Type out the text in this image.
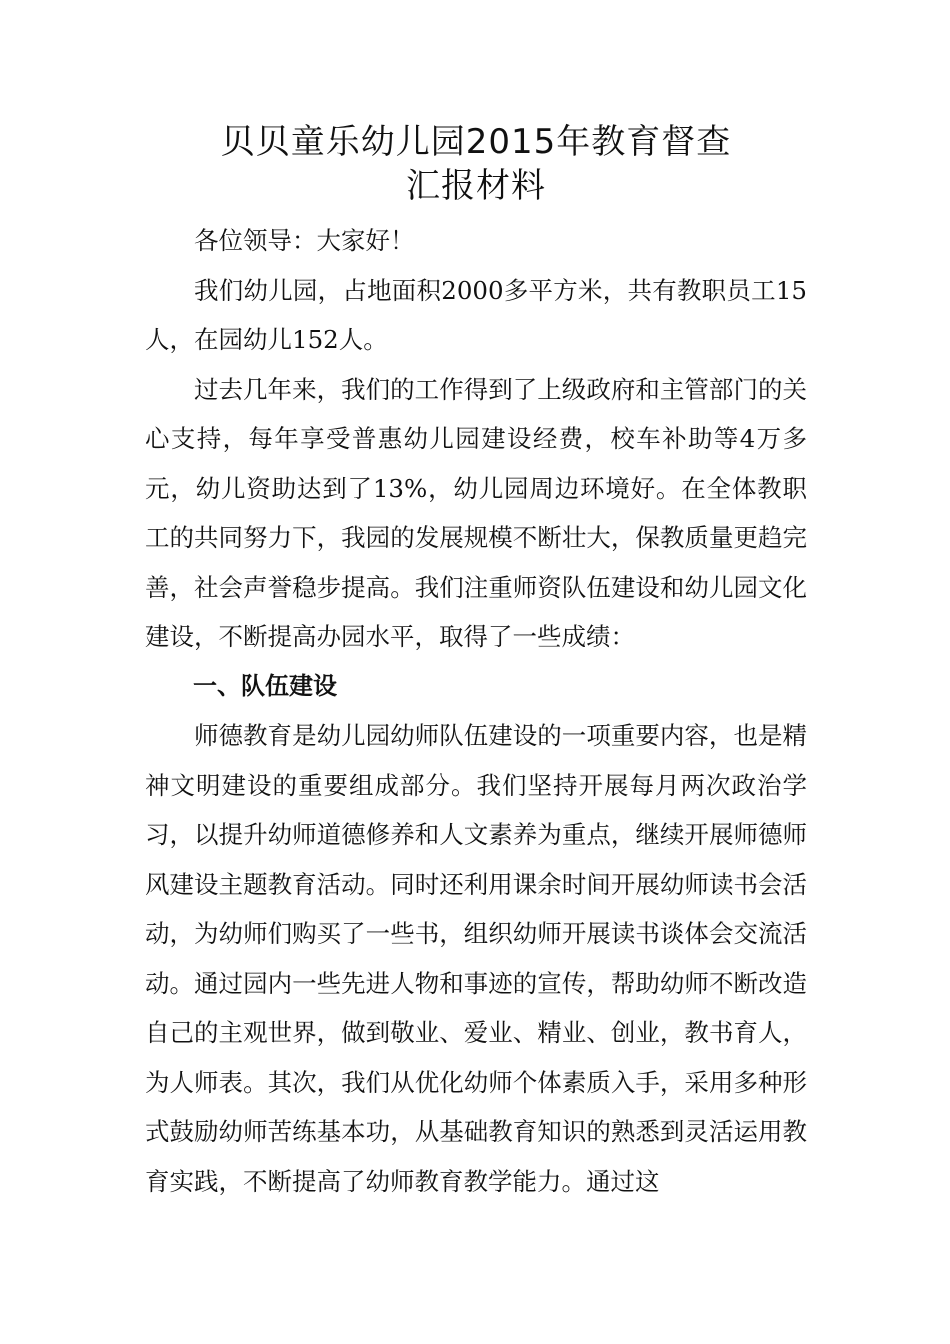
贝贝童乐幼儿园2015年教育督查
汇报材料

各位领导：大家好！

我们幼儿园，占地面积2000多平方米，共有教职员工15人，在园幼儿152人。

过去几年来，我们的工作得到了上级政府和主管部门的关心支持，每年享受普惠幼儿园建设经费，校车补助等4万多元，幼儿资助达到了13%，幼儿园周边环境好。在全体教职工的共同努力下，我园的发展规模不断壮大，保教质量更趋完善，社会声誉稳步提高。我们注重师资队伍建设和幼儿园文化建设，不断提高办园水平，取得了一些成绩：

一、队伍建设

师德教育是幼儿园幼师队伍建设的一项重要内容，也是精神文明建设的重要组成部分。我们坚持开展每月两次政治学习，以提升幼师道德修养和人文素养为重点，继续开展师德师风建设主题教育活动。同时还利用课余时间开展幼师读书会活动，为幼师们购买了一些书，组织幼师开展读书谈体会交流活动。通过园内一些先进人物和事迹的宣传，帮助幼师不断改造自己的主观世界，做到敬业、爱业、精业、创业，教书育人，为人师表。其次，我们从优化幼师个体素质入手，采用多种形式鼓励幼师苦练基本功，从基础教育知识的熟悉到灵活运用教育实践，不断提高了幼师教育教学能力。通过这
